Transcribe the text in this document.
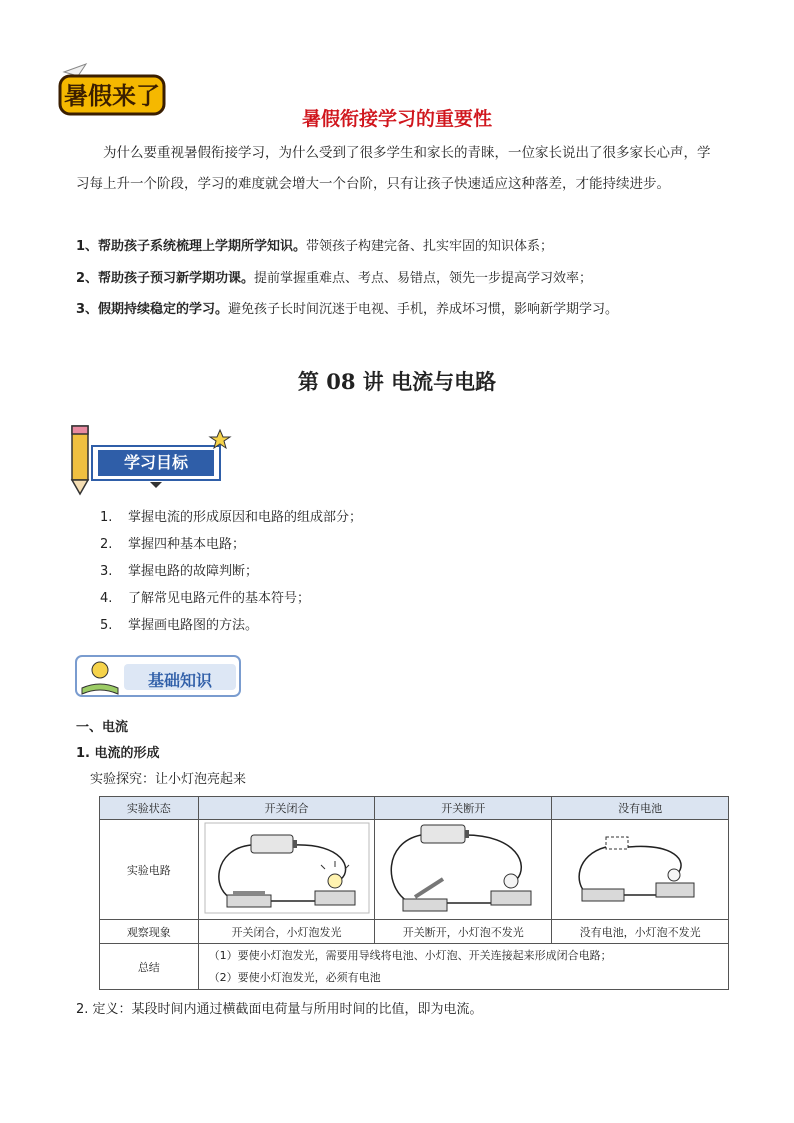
暑假来了
暑假衔接学习的重要性
为什么要重视暑假衔接学习，为什么受到了很多学生和家长的青睐，一位家长说出了很多家长心声，学习每上升一个阶段，学习的难度就会增大一个台阶，只有让孩子快速适应这种落差，才能持续进步。
1、帮助孩子系统梳理上学期所学知识。带领孩子构建完备、扎实牢固的知识体系；
2、帮助孩子预习新学期功课。提前掌握重难点、考点、易错点，领先一步提高学习效率；
3、假期持续稳定的学习。避免孩子长时间沉迷于电视、手机，养成坏习惯，影响新学期学习。
第 08 讲 电流与电路
学习目标
1. 掌握电流的形成原因和电路的组成部分；
2. 掌握四种基本电路；
3. 掌握电路的故障判断；
4. 了解常见电路元件的基本符号；
5. 掌握画电路图的方法。
基础知识
一、电流
1. 电流的形成
实验探究：让小灯泡亮起来
实验状态	开关闭合	开关断开	没有电池
实验电路			
观察现象	开关闭合，小灯泡发光	开关断开，小灯泡不发光	没有电池，小灯泡不发光
总结	（1）要使小灯泡发光，需要用导线将电池、小灯泡、开关连接起来形成闭合电路；
（2）要使小灯泡发光，必须有电池		
2. 定义：某段时间内通过横截面电荷量与所用时间的比值，即为电流。
